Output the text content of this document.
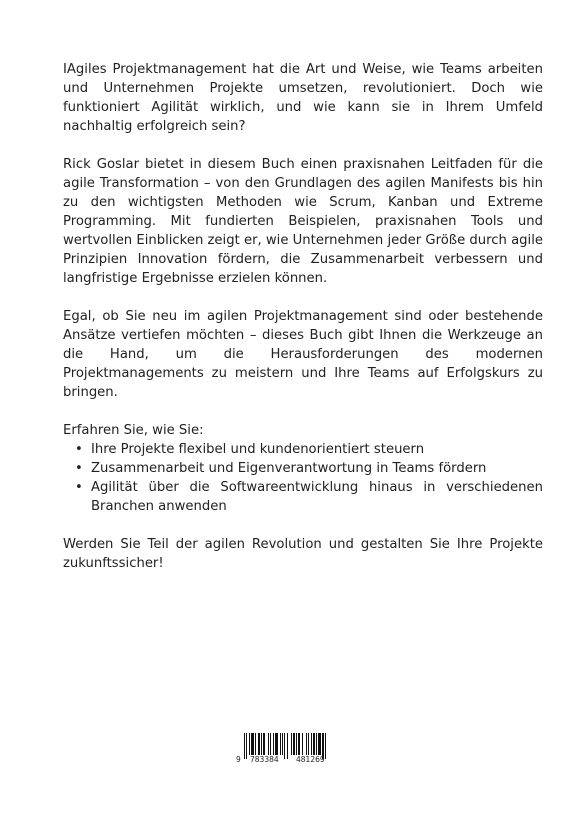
IAgiles Projektmanagement hat die Art und Weise, wie Teams arbeiten und Unternehmen Projekte umsetzen, revolutioniert. Doch wie funktioniert Agilität wirklich, und wie kann sie in Ihrem Umfeld nachhaltig erfolgreich sein?

Rick Goslar bietet in diesem Buch einen praxisnahen Leitfaden für die agile Transformation – von den Grundlagen des agilen Manifests bis hin zu den wichtigsten Methoden wie Scrum, Kanban und Extreme Programming. Mit fundierten Beispielen, praxisnahen Tools und wertvollen Einblicken zeigt er, wie Unternehmen jeder Größe durch agile Prinzipien Innovation fördern, die Zusammenarbeit verbessern und langfristige Ergebnisse erzielen können.

Egal, ob Sie neu im agilen Projektmanagement sind oder bestehende Ansätze vertiefen möchten – dieses Buch gibt Ihnen die Werkzeuge an die Hand, um die Herausforderungen des modernen Projektmanagements zu meistern und Ihre Teams auf Erfolgskurs zu bringen.

Erfahren Sie, wie Sie:

• Ihre Projekte flexibel und kundenorientiert steuern
• Zusammenarbeit und Eigenverantwortung in Teams fördern
• Agilität über die Softwareentwicklung hinaus in verschiedenen Branchen anwenden

Werden Sie Teil der agilen Revolution und gestalten Sie Ihre Projekte zukunftssicher!

9 783384 481269
